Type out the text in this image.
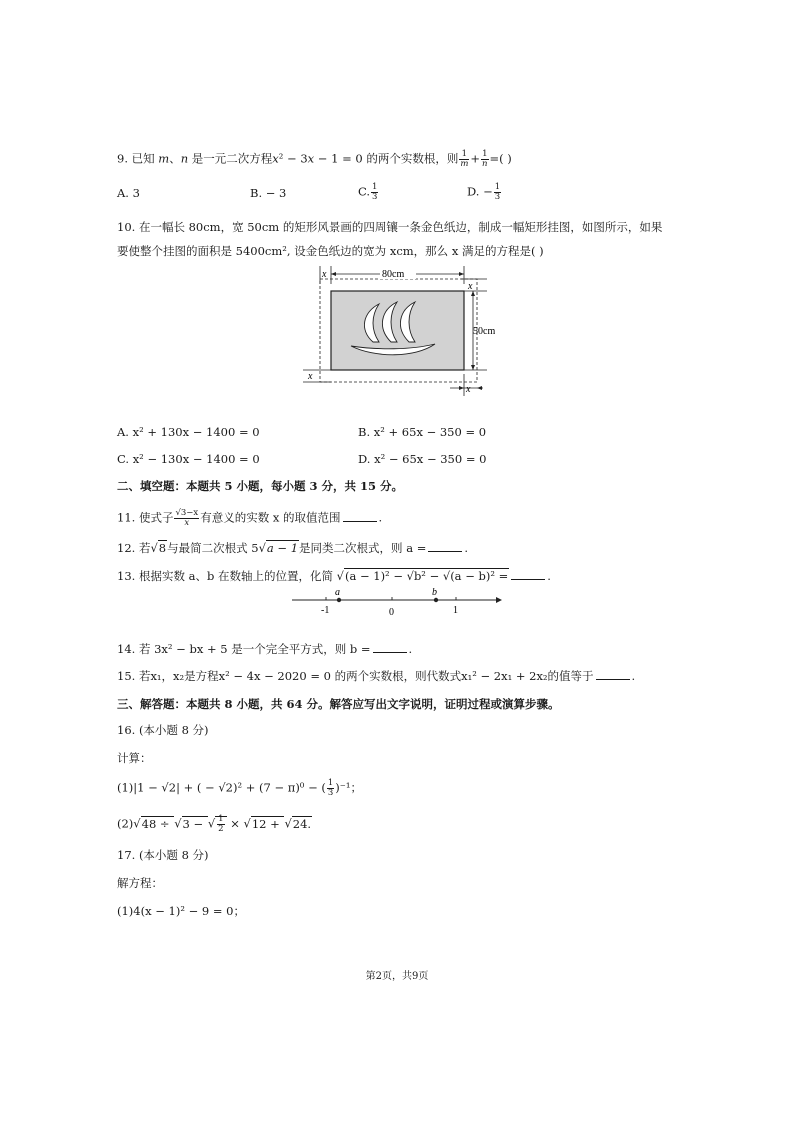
9. 已知 m、n 是一元二次方程x² − 3x − 1 = 0 的两个实数根，则 $\frac{1}{m} + \frac{1}{n}$ =( )
A. 3	B. − 3	C. $\frac{1}{3}$	D. − $\frac{1}{3}$
10. 在一幅长 80cm，宽 50cm 的矩形风景画的四周镶一条金色纸边，制成一幅矩形挂图，如图所示，如果
要使整个挂图的面积是 5400cm², 设金色纸边的宽为 xcm，那么 x 满足的方程是( )
x	80cm
x
50cm
x
x
A. x² + 130x − 1400 = 0	B. x² + 65x − 350 = 0
C. x² − 130x − 1400 = 0	D. x² − 65x − 350 = 0
二、填空题：本题共 5 小题，每小题 3 分，共 15 分。
11. 使式子 $\frac{√3-x}{x}$ 有意义的实数 x 的取值范围	.
12. 若√8与最简二次根式 5√a − 1是同类二次根式，则 a =	.
13. 根据实数 a、b 在数轴上的位置，化简 √(a − 1)² − √b² − √(a − b)² =	.
a	b
-1	0	1
14. 若 3x² − bx + 5 是一个完全平方式，则 b =	.
15. 若x₁，x₂是方程x² − 4x − 2020 = 0 的两个实数根，则代数式x₁² − 2x₁ + 2x₂的值等于	.
三、解答题：本题共 8 小题，共 64 分。解答应写出文字说明，证明过程或演算步骤。
16. (本小题 8 分)
计算：
(1)|1 − √2| + ( − √2)² + (7 − π)⁰ − ( $\frac{1}{3} )^{-1}$；
(2)√48 ÷ √3 − √ $\frac{1}{2} \times √12 + √24$.
17. (本小题 8 分)
解方程：
(1)4(x − 1)² − 9 = 0；
第2页，共9页
